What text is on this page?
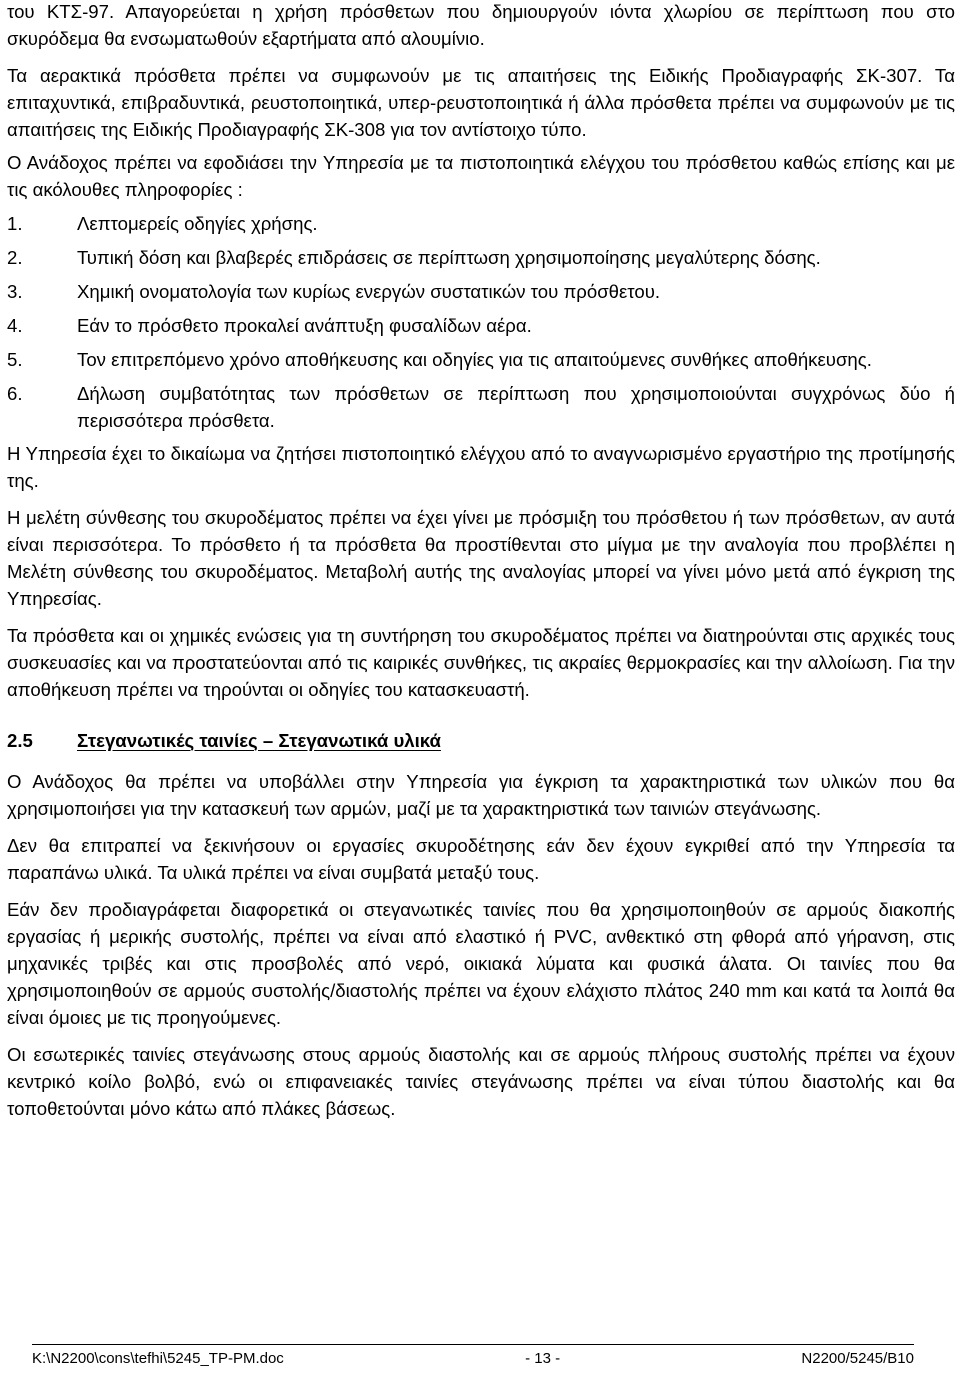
του ΚΤΣ-97. Απαγορεύεται η χρήση πρόσθετων που δημιουργούν ιόντα χλωρίου σε περίπτωση που στο σκυρόδεμα θα ενσωματωθούν εξαρτήματα από αλουμίνιο.

Τα αερακτικά πρόσθετα πρέπει να συμφωνούν με τις απαιτήσεις της Ειδικής Προδιαγραφής ΣΚ-307. Τα επιταχυντικά, επιβραδυντικά, ρευστοποιητικά, υπερ-ρευστοποιητικά ή άλλα πρόσθετα πρέπει να συμφωνούν με τις απαιτήσεις της Ειδικής Προδιαγραφής ΣΚ-308 για τον αντίστοιχο τύπο.

Ο Ανάδοχος πρέπει να εφοδιάσει την Υπηρεσία με τα πιστοποιητικά ελέγχου του πρόσθετου καθώς επίσης και με τις ακόλουθες πληροφορίες :

1.	Λεπτομερείς οδηγίες χρήσης.
2.	Τυπική δόση και βλαβερές επιδράσεις σε περίπτωση χρησιμοποίησης μεγαλύτερης δόσης.
3.	Χημική ονοματολογία των κυρίως ενεργών συστατικών του πρόσθετου.
4.	Εάν το πρόσθετο προκαλεί ανάπτυξη φυσαλίδων αέρα.
5.	Τον επιτρεπόμενο χρόνο αποθήκευσης και οδηγίες για τις απαιτούμενες συνθήκες αποθήκευσης.
6.	Δήλωση συμβατότητας των πρόσθετων σε περίπτωση που χρησιμοποιούνται συγχρόνως δύο ή περισσότερα πρόσθετα.

Η Υπηρεσία έχει το δικαίωμα να ζητήσει πιστοποιητικό ελέγχου από το αναγνωρισμένο εργαστήριο της προτίμησής της.

Η μελέτη σύνθεσης του σκυροδέματος πρέπει να έχει γίνει με πρόσμιξη του πρόσθετου ή των πρόσθετων, αν αυτά είναι περισσότερα. Το πρόσθετο ή τα πρόσθετα θα προστίθενται στο μίγμα με την αναλογία που προβλέπει η Μελέτη σύνθεσης του σκυροδέματος. Μεταβολή αυτής της αναλογίας μπορεί να γίνει μόνο μετά από έγκριση της Υπηρεσίας.

Τα πρόσθετα και οι χημικές ενώσεις για τη συντήρηση του σκυροδέματος πρέπει να διατηρούνται στις αρχικές τους συσκευασίες και να προστατεύονται από τις καιρικές συνθήκες, τις ακραίες θερμοκρασίες και την αλλοίωση. Για την αποθήκευση πρέπει να τηρούνται οι οδηγίες του κατασκευαστή.

2.5	Στεγανωτικές ταινίες – Στεγανωτικά υλικά

Ο Ανάδοχος θα πρέπει να υποβάλλει στην Υπηρεσία για έγκριση τα χαρακτηριστικά των υλικών που θα χρησιμοποιήσει για την κατασκευή των αρμών, μαζί με τα χαρακτηριστικά των ταινιών στεγάνωσης.

Δεν θα επιτραπεί να ξεκινήσουν οι εργασίες σκυροδέτησης εάν δεν έχουν εγκριθεί από την Υπηρεσία τα παραπάνω υλικά. Τα υλικά πρέπει να είναι συμβατά μεταξύ τους.

Εάν δεν προδιαγράφεται διαφορετικά οι στεγανωτικές ταινίες που θα χρησιμοποιηθούν σε αρμούς διακοπής εργασίας ή μερικής συστολής, πρέπει να είναι από ελαστικό ή PVC, ανθεκτικό στη φθορά από γήρανση, στις μηχανικές τριβές και στις προσβολές από νερό, οικιακά λύματα και φυσικά άλατα. Οι ταινίες που θα χρησιμοποιηθούν σε αρμούς συστολής/διαστολής πρέπει να έχουν ελάχιστο πλάτος 240 mm και κατά τα λοιπά θα είναι όμοιες με τις προηγούμενες.

Οι εσωτερικές ταινίες στεγάνωσης στους αρμούς διαστολής και σε αρμούς πλήρους συστολής πρέπει να έχουν κεντρικό κοίλο βολβό, ενώ οι επιφανειακές ταινίες στεγάνωσης πρέπει να είναι τύπου διαστολής και θα τοποθετούνται μόνο κάτω από πλάκες βάσεως.

K:\N2200\cons\tefhi\5245_TP-PM.doc	- 13 -	N2200/5245/B10
